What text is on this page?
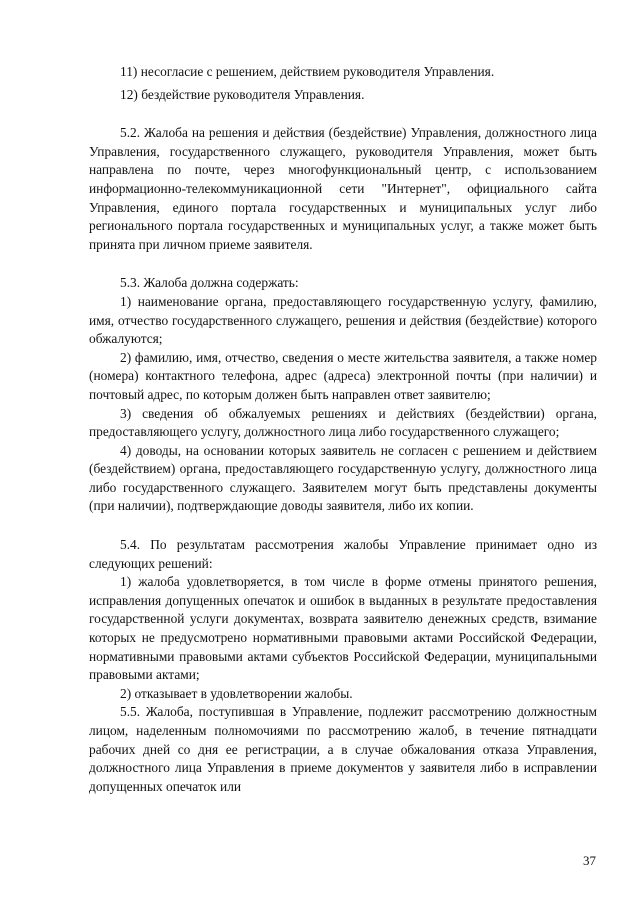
11) несогласие с решением, действием руководителя Управления.

12) бездействие руководителя Управления.

5.2. Жалоба на решения и действия (бездействие) Управления, должностного лица Управления, государственного служащего, руководителя Управления, может быть направлена по почте, через многофункциональный центр, с использованием информационно-телекоммуникационной сети "Интернет", официального сайта Управления, единого портала государственных и муниципальных услуг либо регионального портала государственных и муниципальных услуг, а также может быть принята при личном приеме заявителя.

5.3. Жалоба должна содержать:

1) наименование органа, предоставляющего государственную услугу, фамилию, имя, отчество государственного служащего, решения и действия (бездействие) которого обжалуются;

2) фамилию, имя, отчество, сведения о месте жительства заявителя, а также номер (номера) контактного телефона, адрес (адреса) электронной почты (при наличии) и почтовый адрес, по которым должен быть направлен ответ заявителю;

3) сведения об обжалуемых решениях и действиях (бездействии) органа, предоставляющего услугу, должностного лица либо государственного служащего;

4) доводы, на основании которых заявитель не согласен с решением и действием (бездействием) органа, предоставляющего государственную услугу, должностного лица либо государственного служащего. Заявителем могут быть представлены документы (при наличии), подтверждающие доводы заявителя, либо их копии.

5.4. По результатам рассмотрения жалобы Управление принимает одно из следующих решений:

1) жалоба удовлетворяется, в том числе в форме отмены принятого решения, исправления допущенных опечаток и ошибок в выданных в результате предоставления государственной услуги документах, возврата заявителю денежных средств, взимание которых не предусмотрено нормативными правовыми актами Российской Федерации, нормативными правовыми актами субъектов Российской Федерации, муниципальными правовыми актами;

2) отказывает в удовлетворении жалобы.

5.5. Жалоба, поступившая в Управление, подлежит рассмотрению должностным лицом, наделенным полномочиями по рассмотрению жалоб, в течение пятнадцати рабочих дней со дня ее регистрации, а в случае обжалования отказа Управления, должностного лица Управления в приеме документов у заявителя либо в исправлении допущенных опечаток или

37
